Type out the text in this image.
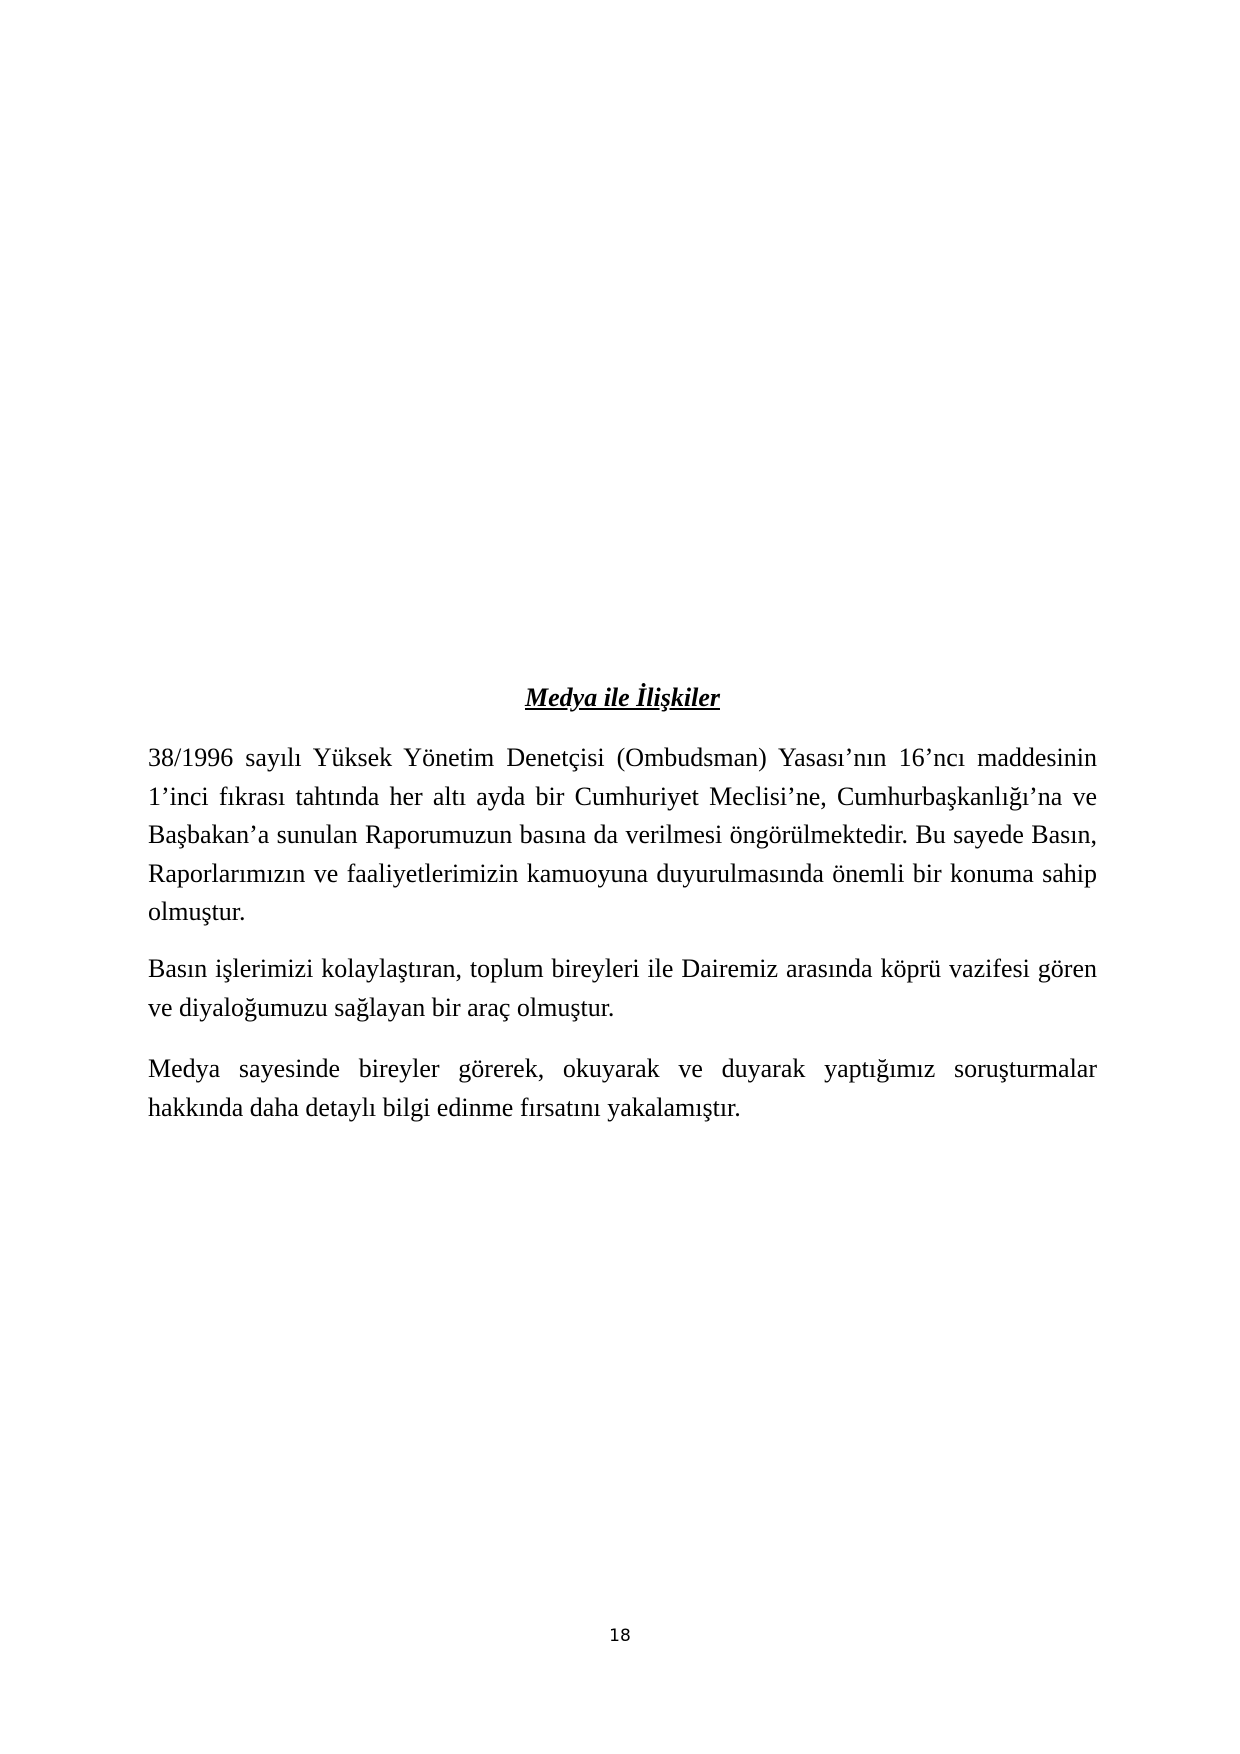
Medya ile İlişkiler

38/1996 sayılı Yüksek Yönetim Denetçisi (Ombudsman) Yasası’nın 16’ncı maddesinin 1’inci fıkrası tahtında her altı ayda bir Cumhuriyet Meclisi’ne, Cumhurbaşkanlığı’na ve Başbakan’a sunulan Raporumuzun basına da verilmesi öngörülmektedir. Bu sayede Basın, Raporlarımızın ve faaliyetlerimizin kamuoyuna duyurulmasında önemli bir konuma sahip olmuştur.

Basın işlerimizi kolaylaştıran, toplum bireyleri ile Dairemiz arasında köprü vazifesi gören ve diyaloğumuzu sağlayan bir araç olmuştur.

Medya sayesinde bireyler görerek, okuyarak ve duyarak yaptığımız soruşturmalar hakkında daha detaylı bilgi edinme fırsatını yakalamıştır.

18
